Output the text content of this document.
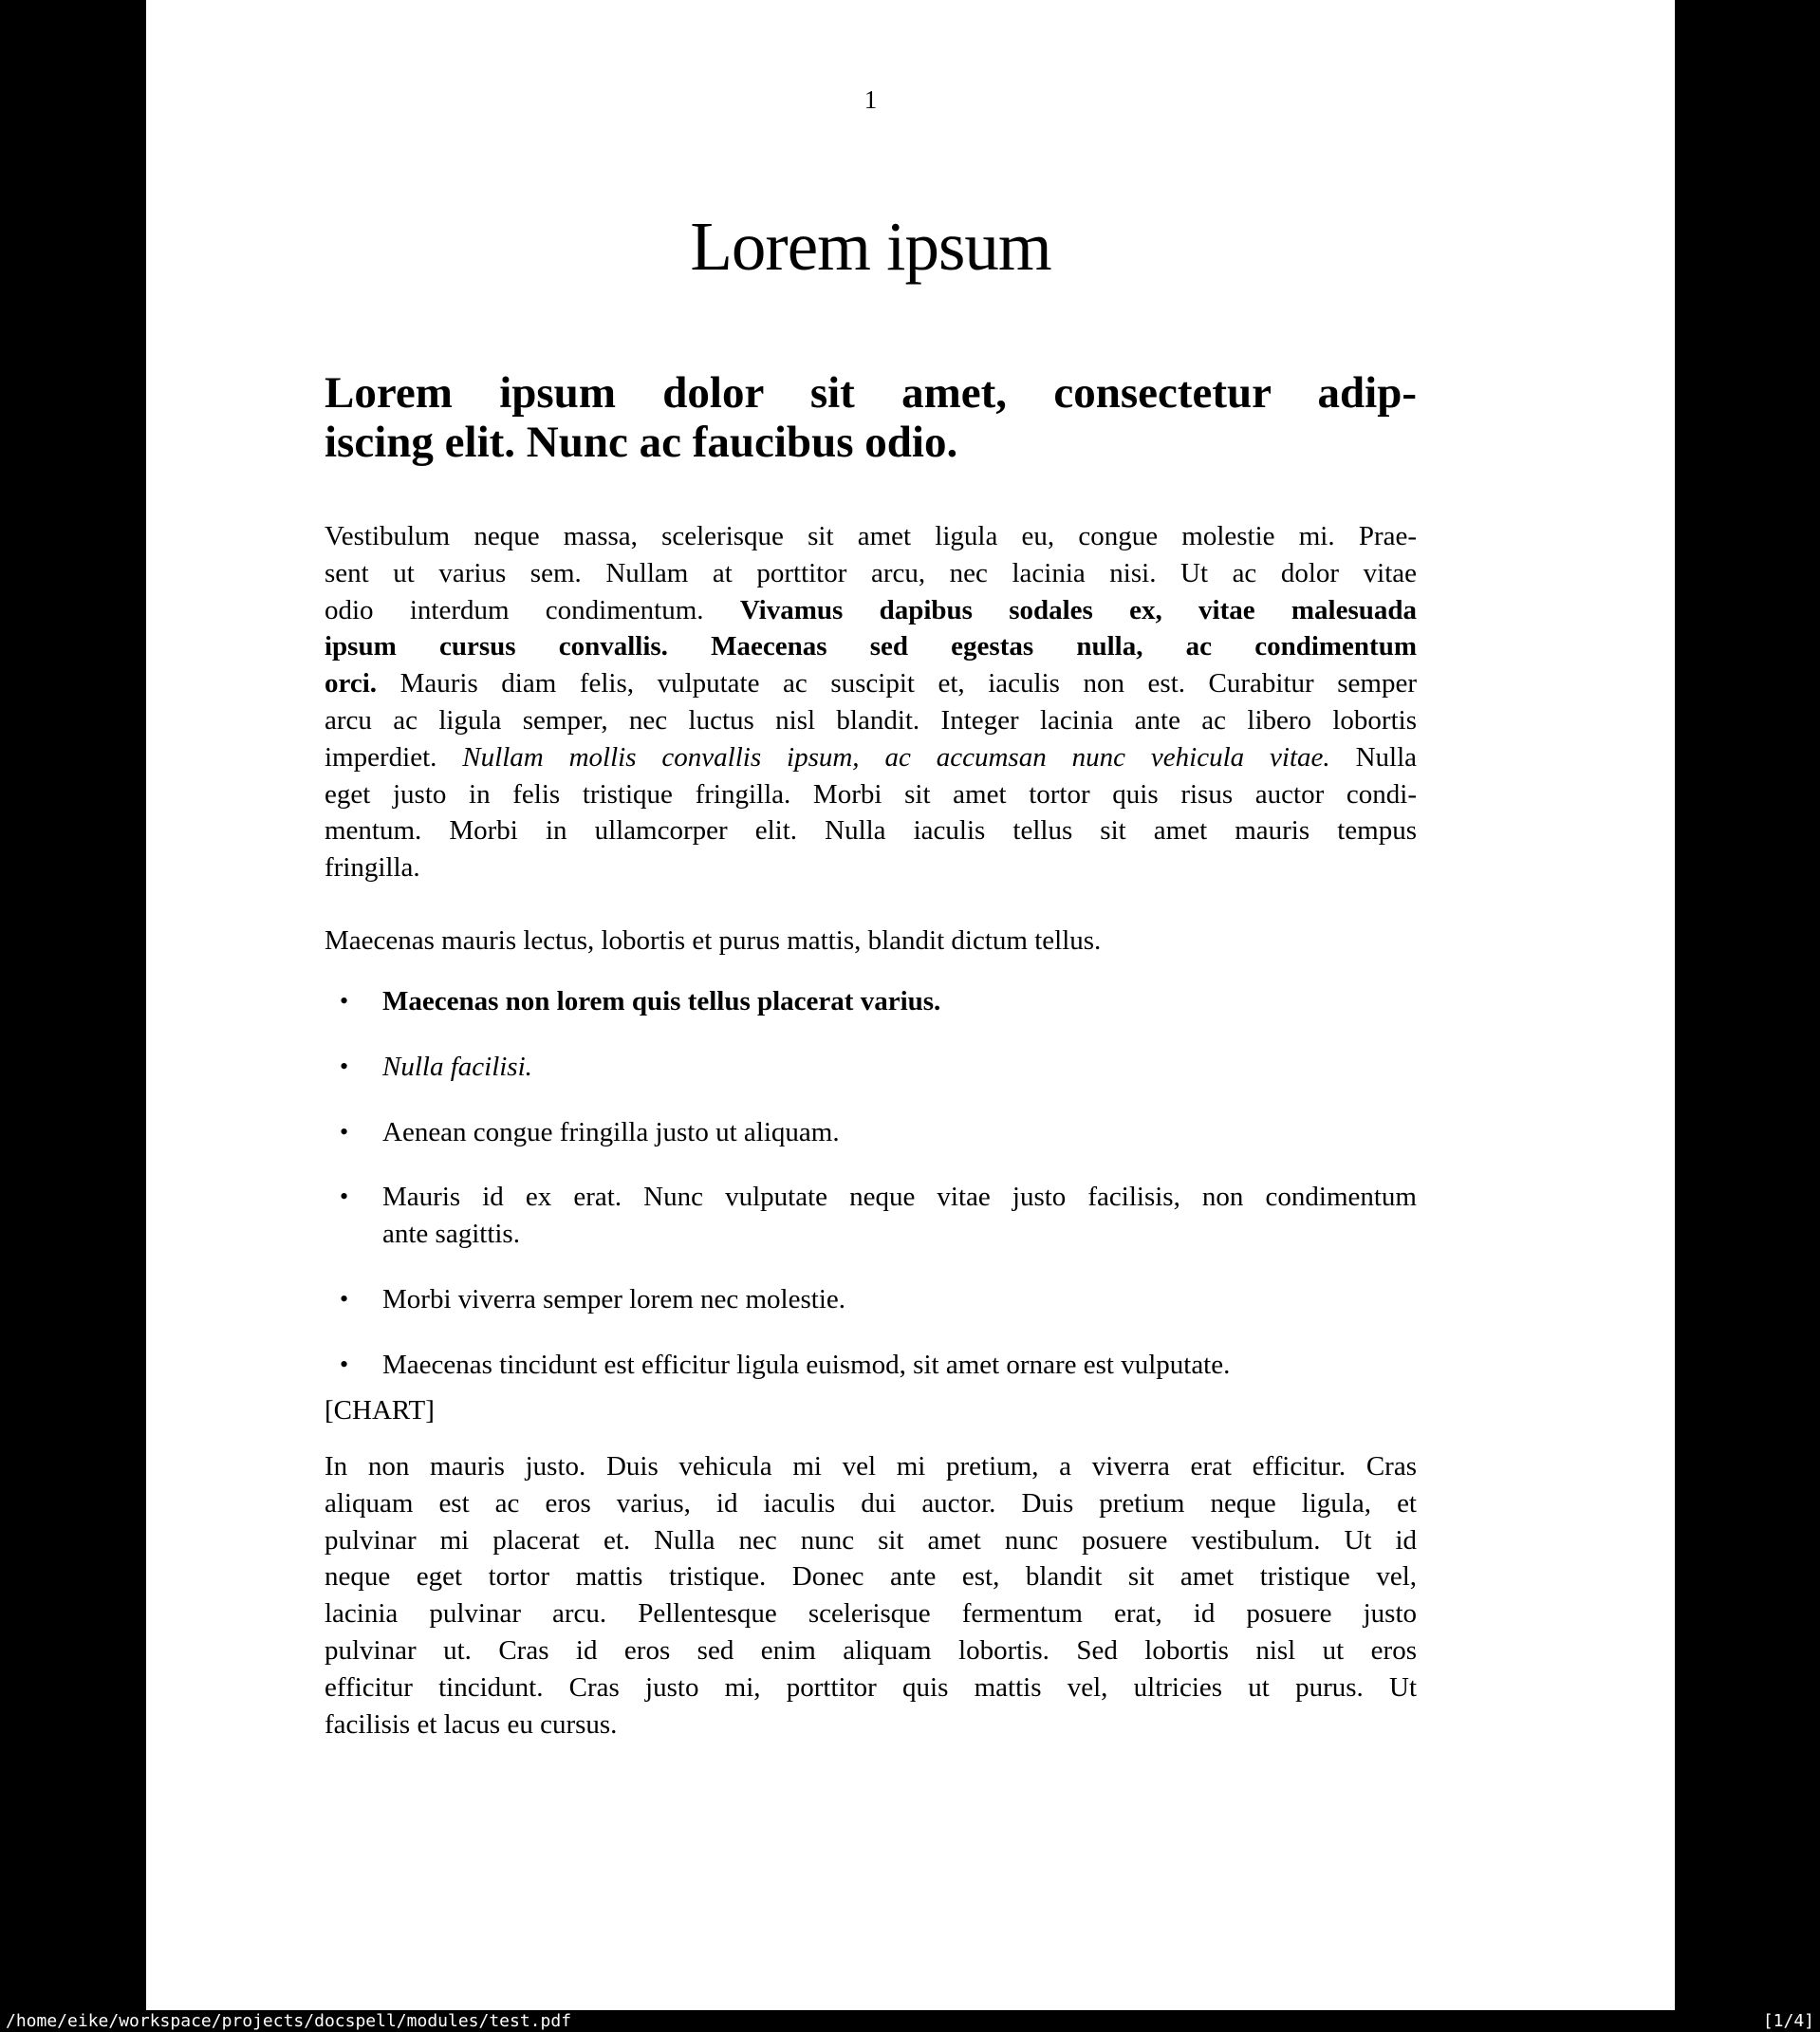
1
Lorem ipsum
Lorem ipsum dolor sit amet, consectetur adip-
iscing elit. Nunc ac faucibus odio.
Vestibulum neque massa, scelerisque sit amet ligula eu, congue molestie mi. Prae-
sent ut varius sem. Nullam at porttitor arcu, nec lacinia nisi. Ut ac dolor vitae
odio interdum condimentum. Vivamus dapibus sodales ex, vitae malesuada
ipsum cursus convallis. Maecenas sed egestas nulla, ac condimentum
orci. Mauris diam felis, vulputate ac suscipit et, iaculis non est. Curabitur semper
arcu ac ligula semper, nec luctus nisl blandit. Integer lacinia ante ac libero lobortis
imperdiet. Nullam mollis convallis ipsum, ac accumsan nunc vehicula vitae. Nulla
eget justo in felis tristique fringilla. Morbi sit amet tortor quis risus auctor condi-
mentum. Morbi in ullamcorper elit. Nulla iaculis tellus sit amet mauris tempus
fringilla.
Maecenas mauris lectus, lobortis et purus mattis, blandit dictum tellus.
• Maecenas non lorem quis tellus placerat varius.
• Nulla facilisi.
• Aenean congue fringilla justo ut aliquam.
• Mauris id ex erat. Nunc vulputate neque vitae justo facilisis, non condimentum
ante sagittis.
• Morbi viverra semper lorem nec molestie.
• Maecenas tincidunt est efficitur ligula euismod, sit amet ornare est vulputate.
[CHART]
In non mauris justo. Duis vehicula mi vel mi pretium, a viverra erat efficitur. Cras
aliquam est ac eros varius, id iaculis dui auctor. Duis pretium neque ligula, et
pulvinar mi placerat et. Nulla nec nunc sit amet nunc posuere vestibulum. Ut id
neque eget tortor mattis tristique. Donec ante est, blandit sit amet tristique vel,
lacinia pulvinar arcu. Pellentesque scelerisque fermentum erat, id posuere justo
pulvinar ut. Cras id eros sed enim aliquam lobortis. Sed lobortis nisl ut eros
efficitur tincidunt. Cras justo mi, porttitor quis mattis vel, ultricies ut purus. Ut
facilisis et lacus eu cursus.
/home/eike/workspace/projects/docspell/modules/test.pdf	[1/4]
